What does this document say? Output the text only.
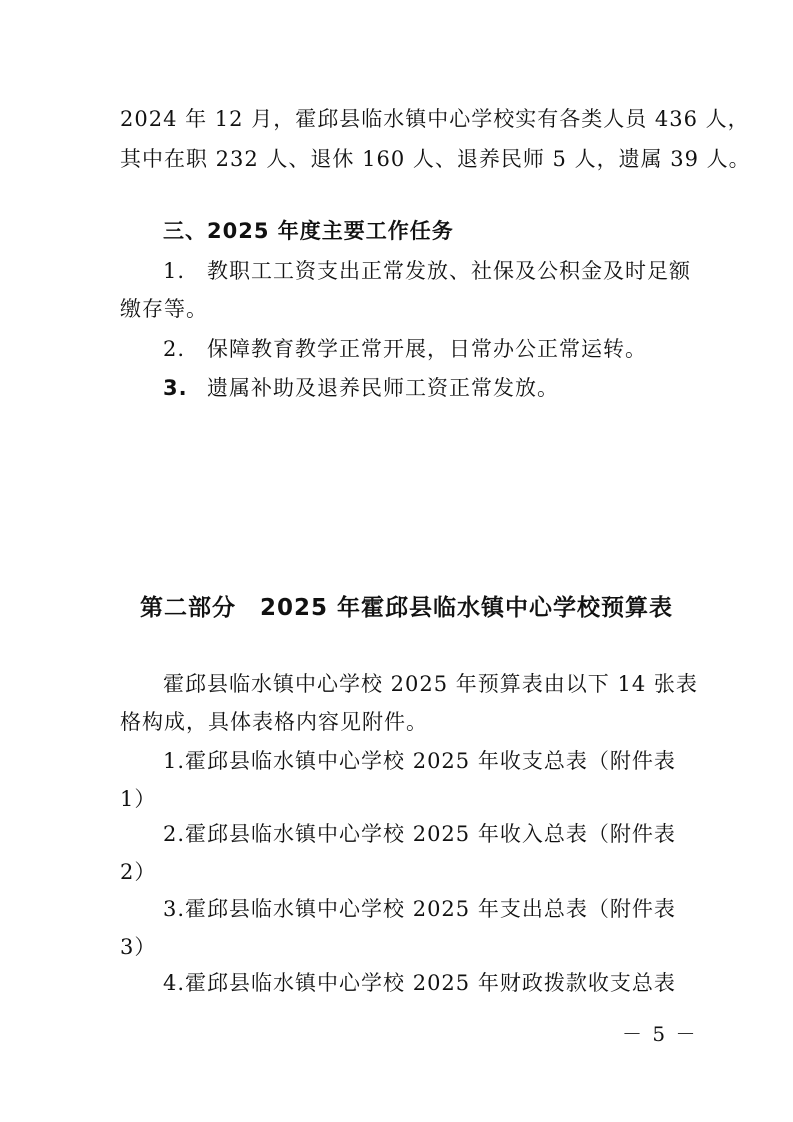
2024 年 12 月，霍邱县临水镇中心学校实有各类人员 436 人，
其中在职 232 人、退休 160 人、退养民师 5 人，遗属 39 人。
三、2025 年度主要工作任务
1. 教职工工资支出正常发放、社保及公积金及时足额
缴存等。
2. 保障教育教学正常开展，日常办公正常运转。
3. 遗属补助及退养民师工资正常发放。
第二部分　2025 年霍邱县临水镇中心学校预算表
霍邱县临水镇中心学校 2025 年预算表由以下 14 张表
格构成，具体表格内容见附件。
1.霍邱县临水镇中心学校 2025 年收支总表（附件表
1）
2.霍邱县临水镇中心学校 2025 年收入总表（附件表
2）
3.霍邱县临水镇中心学校 2025 年支出总表（附件表
3）
4.霍邱县临水镇中心学校 2025 年财政拨款收支总表
－ 5 －
